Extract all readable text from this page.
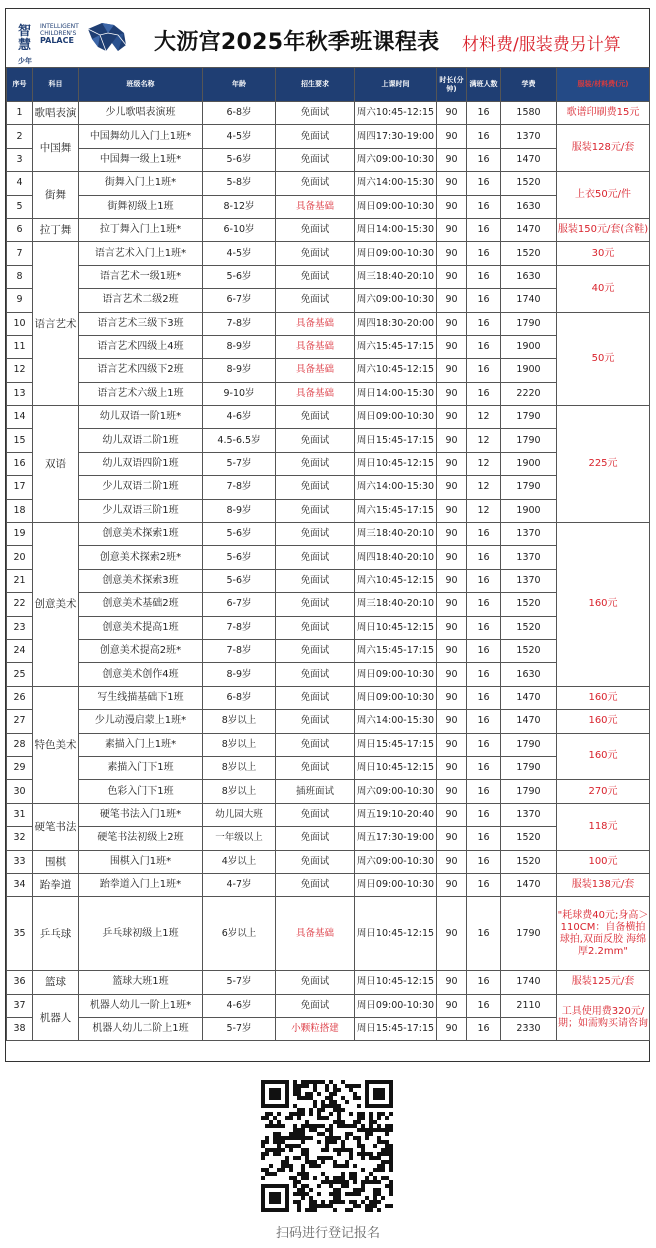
智慧
少年
INTELLIGENT
CHILDREN'S
PALACE	大沥宫2025年秋季班课程表 材料费/服装费另计算
序号	科目	班级名称	年龄	招生要求	上课时间	时长(分钟)	满班人数	学费	服装/材料费(元)
1	歌唱表演	少儿歌唱表演班	6-8岁	免面试	周六10:45-12:15	90	16	1580	歌谱印刷费15元
2	中国舞	中国舞幼儿入门上1班*	4-5岁	免面试	周四17:30-19:00	90	16	1370	服装128元/套
3		中国舞一级上1班*	5-6岁	免面试	周六09:00-10:30	90	16	1470	
4	街舞	街舞入门上1班*	5-8岁	免面试	周六14:00-15:30	90	16	1520	上衣50元/件
5		街舞初级上1班	8-12岁	具备基础	周日09:00-10:30	90	16	1630	
6	拉丁舞	拉丁舞入门上1班*	6-10岁	免面试	周日14:00-15:30	90	16	1470	服装150元/套(含鞋)
7	语言艺术	语言艺术入门上1班*	4-5岁	免面试	周日09:00-10:30	90	16	1520	30元
8		语言艺术一级1班*	5-6岁	免面试	周三18:40-20:10	90	16	1630	40元
9		语言艺术二级2班	6-7岁	免面试	周六09:00-10:30	90	16	1740	
10		语言艺术三级下3班	7-8岁	具备基础	周四18:30-20:00	90	16	1790	50元
11		语言艺术四级上4班	8-9岁	具备基础	周六15:45-17:15	90	16	1900	
12		语言艺术四级下2班	8-9岁	具备基础	周六10:45-12:15	90	16	1900	
13		语言艺术六级上1班	9-10岁	具备基础	周日14:00-15:30	90	16	2220	
14	双语	幼儿双语一阶1班*	4-6岁	免面试	周日09:00-10:30	90	12	1790	225元
15		幼儿双语二阶1班	4.5-6.5岁	免面试	周日15:45-17:15	90	12	1790	
16		幼儿双语四阶1班	5-7岁	免面试	周日10:45-12:15	90	12	1900	
17		少儿双语二阶1班	7-8岁	免面试	周六14:00-15:30	90	12	1790	
18		少儿双语三阶1班	8-9岁	免面试	周六15:45-17:15	90	12	1900	
19	创意美术	创意美术探索1班	5-6岁	免面试	周三18:40-20:10	90	16	1370	160元
20		创意美术探索2班*	5-6岁	免面试	周四18:40-20:10	90	16	1370	
21		创意美术探索3班	5-6岁	免面试	周六10:45-12:15	90	16	1370	
22		创意美术基础2班	6-7岁	免面试	周三18:40-20:10	90	16	1520	
23		创意美术提高1班	7-8岁	免面试	周日10:45-12:15	90	16	1520	
24		创意美术提高2班*	7-8岁	免面试	周六15:45-17:15	90	16	1520	
25		创意美术创作4班	8-9岁	免面试	周日09:00-10:30	90	16	1630	
26	特色美术	写生线描基础下1班	6-8岁	免面试	周日09:00-10:30	90	16	1470	160元
27		少儿动漫启蒙上1班*	8岁以上	免面试	周六14:00-15:30	90	16	1470	160元
28		素描入门上1班*	8岁以上	免面试	周日15:45-17:15	90	16	1790	160元
29		素描入门下1班	8岁以上	免面试	周日10:45-12:15	90	16	1790	
30		色彩入门下1班	8岁以上	插班面试	周六09:00-10:30	90	16	1790	270元
31	硬笔书法	硬笔书法入门1班*	幼儿园大班	免面试	周五19:10-20:40	90	16	1370	118元
32		硬笔书法初级上2班	一年级以上	免面试	周五17:30-19:00	90	16	1520	
33	围棋	围棋入门1班*	4岁以上	免面试	周六09:00-10:30	90	16	1520	100元
34	跆拳道	跆拳道入门上1班*	4-7岁	免面试	周日09:00-10:30	90	16	1470	服装138元/套
35	乒乓球	乒乓球初级上1班	6岁以上	具备基础	周日10:45-12:15	90	16	1790	"耗球费40元;身高＞110CM：自备横拍球拍,双面反胶 海绵厚2.2mm"
36	篮球	篮球大班1班	5-7岁	免面试	周日10:45-12:15	90	16	1740	服装125元/套
37	机器人	机器人幼儿一阶上1班*	4-6岁	免面试	周日09:00-10:30	90	16	2110	工具使用费320元/期；如需购买请咨询
38		机器人幼儿二阶上1班	5-7岁	小颗粒搭建	周日15:45-17:15	90	16	2330	
扫码进行登记报名
